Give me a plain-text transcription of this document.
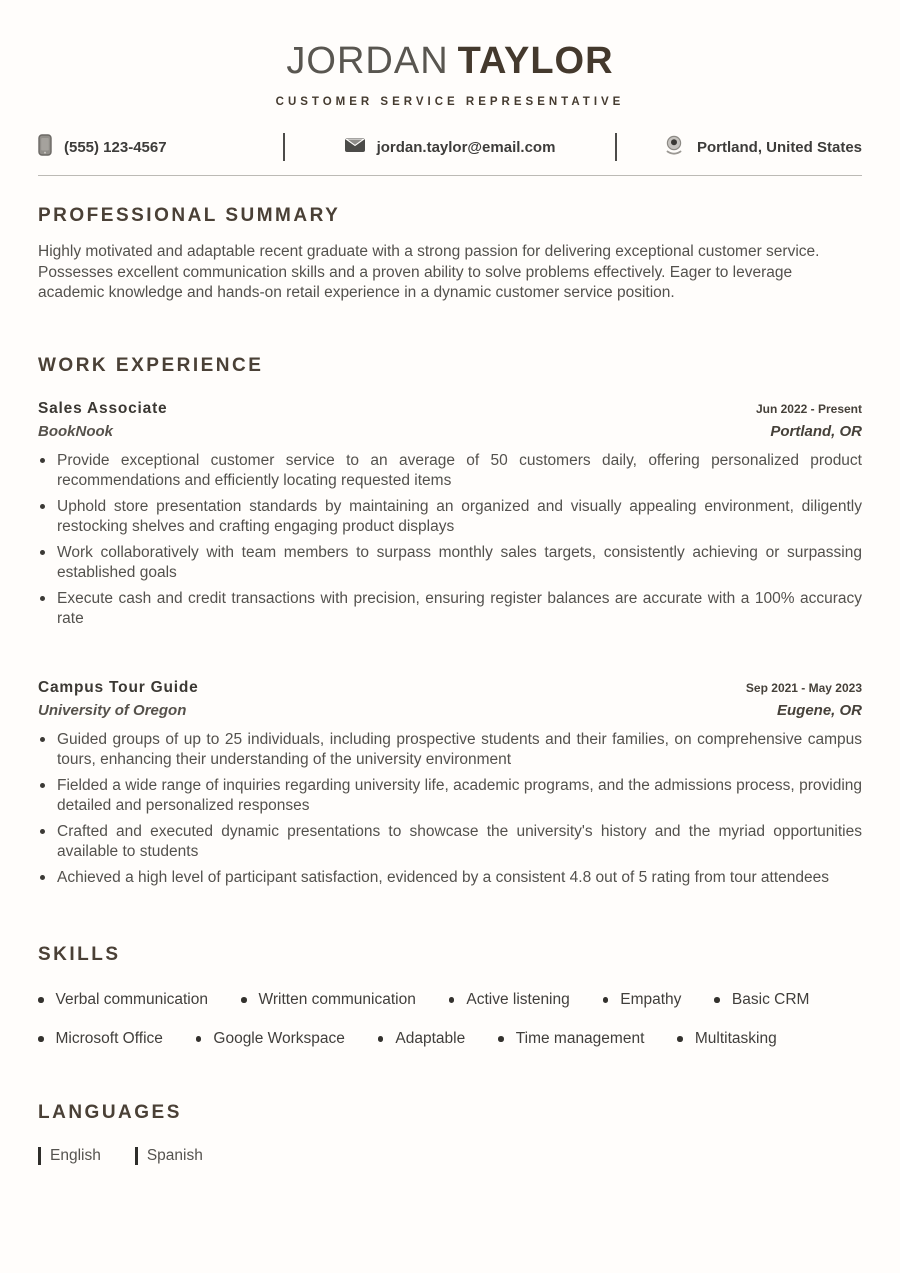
JORDAN TAYLOR
CUSTOMER SERVICE REPRESENTATIVE
(555) 123-4567	jordan.taylor@email.com	Portland, United States
PROFESSIONAL SUMMARY

Highly motivated and adaptable recent graduate with a strong passion for delivering exceptional customer service. Possesses excellent communication skills and a proven ability to solve problems effectively. Eager to leverage academic knowledge and hands-on retail experience in a dynamic customer service position.

WORK EXPERIENCE
Sales Associate	Jun 2022 - Present
BookNook	Portland, OR
Provide exceptional customer service to an average of 50 customers daily, offering personalized product recommendations and efficiently locating requested items
Uphold store presentation standards by maintaining an organized and visually appealing environment, diligently restocking shelves and crafting engaging product displays
Work collaboratively with team members to surpass monthly sales targets, consistently achieving or surpassing established goals
Execute cash and credit transactions with precision, ensuring register balances are accurate with a 100% accuracy rate
Campus Tour Guide	Sep 2021 - May 2023
University of Oregon	Eugene, OR
Guided groups of up to 25 individuals, including prospective students and their families, on comprehensive campus tours, enhancing their understanding of the university environment
Fielded a wide range of inquiries regarding university life, academic programs, and the admissions process, providing detailed and personalized responses
Crafted and executed dynamic presentations to showcase the university's history and the myriad opportunities available to students
Achieved a high level of participant satisfaction, evidenced by a consistent 4.8 out of 5 rating from tour attendees
SKILLS
Verbal communication	Written communication	Active listening	Empathy	Basic CRM
Microsoft Office	Google Workspace	Adaptable	Time management	Multitasking
LANGUAGES
English	Spanish
